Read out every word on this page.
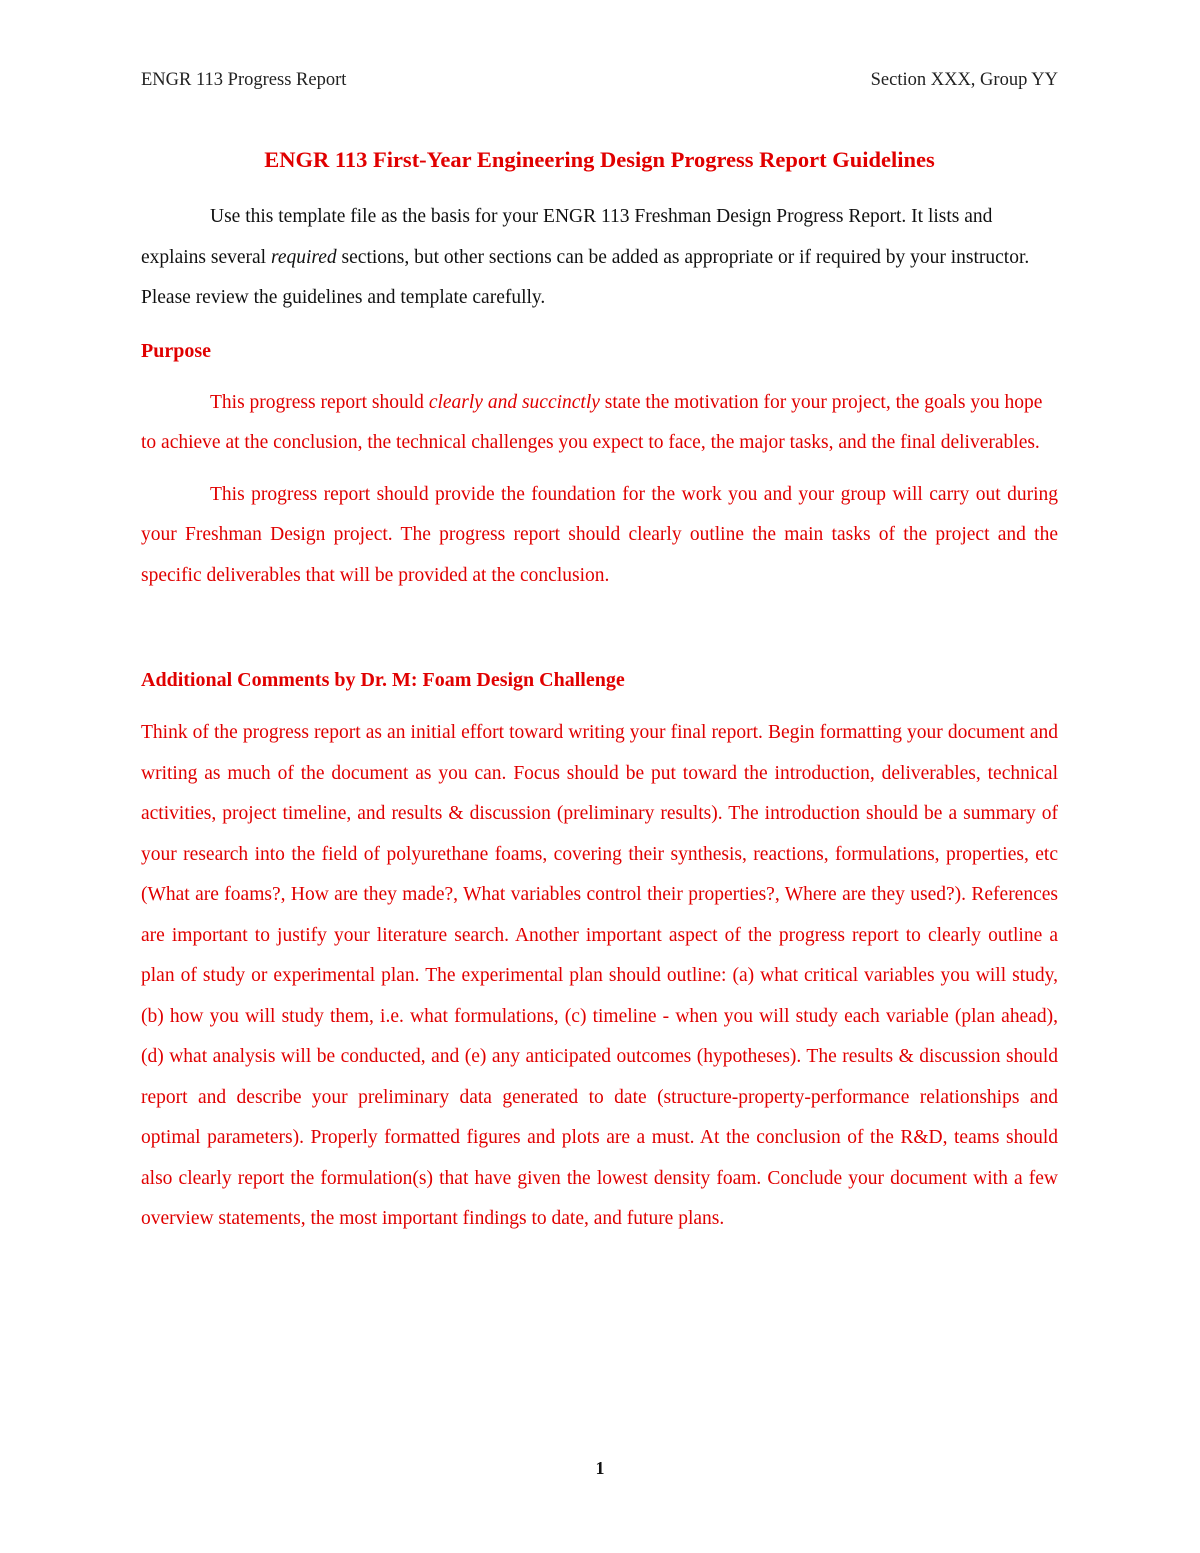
ENGR 113 Progress Report	Section XXX, Group YY
ENGR 113 First-Year Engineering Design Progress Report Guidelines

Use this template file as the basis for your ENGR 113 Freshman Design Progress Report. It lists and explains several required sections, but other sections can be added as appropriate or if required by your instructor. Please review the guidelines and template carefully.

Purpose

This progress report should clearly and succinctly state the motivation for your project, the goals you hope to achieve at the conclusion, the technical challenges you expect to face, the major tasks, and the final deliverables.

This progress report should provide the foundation for the work you and your group will carry out during your Freshman Design project. The progress report should clearly outline the main tasks of the project and the specific deliverables that will be provided at the conclusion.

Additional Comments by Dr. M: Foam Design Challenge

Think of the progress report as an initial effort toward writing your final report. Begin formatting your document and writing as much of the document as you can. Focus should be put toward the introduction, deliverables, technical activities, project timeline, and results & discussion (preliminary results). The introduction should be a summary of your research into the field of polyurethane foams, covering their synthesis, reactions, formulations, properties, etc (What are foams?, How are they made?, What variables control their properties?, Where are they used?). References are important to justify your literature search. Another important aspect of the progress report to clearly outline a plan of study or experimental plan. The experimental plan should outline: (a) what critical variables you will study, (b) how you will study them, i.e. what formulations, (c) timeline - when you will study each variable (plan ahead), (d) what analysis will be conducted, and (e) any anticipated outcomes (hypotheses). The results & discussion should report and describe your preliminary data generated to date (structure-property-performance relationships and optimal parameters). Properly formatted figures and plots are a must. At the conclusion of the R&D, teams should also clearly report the formulation(s) that have given the lowest density foam. Conclude your document with a few overview statements, the most important findings to date, and future plans.

1
